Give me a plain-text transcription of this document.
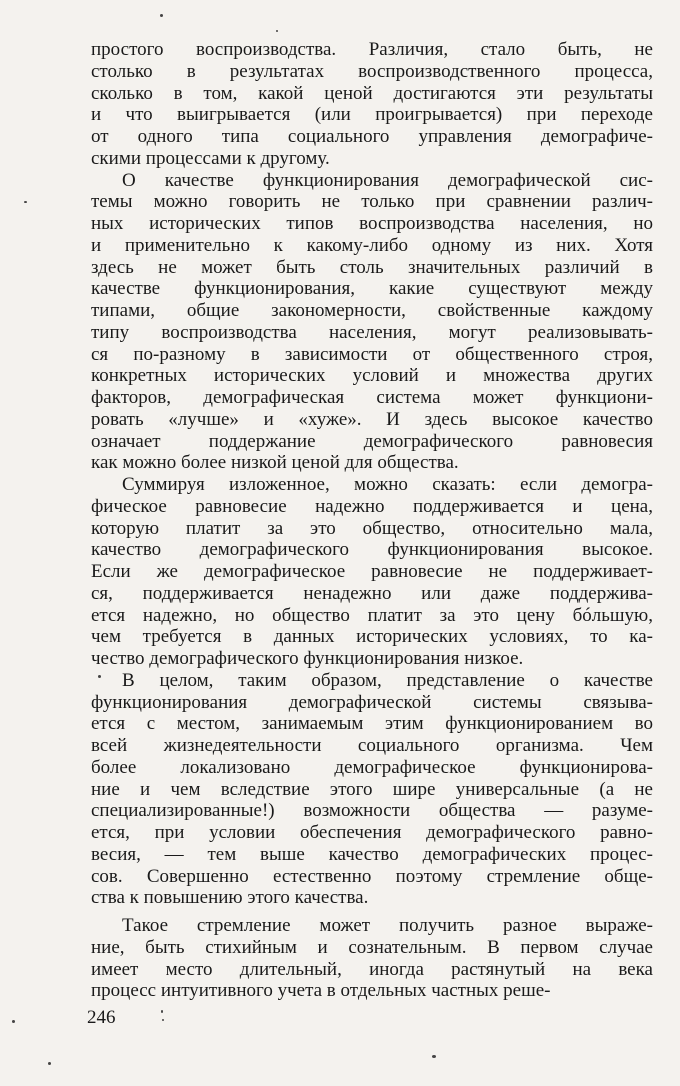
простого воспроизводства. Различия, стало быть, не
столько в результатах воспроизводственного процесса,
сколько в том, какой ценой достигаются эти результаты
и что выигрывается (или проигрывается) при переходе
от одного типа социального управления демографиче-
скими процессами к другому.
О качестве функционирования демографической сис-
темы можно говорить не только при сравнении различ-
ных исторических типов воспроизводства населения, но
и применительно к какому-либо одному из них. Хотя
здесь не может быть столь значительных различий в
качестве функционирования, какие существуют между
типами, общие закономерности, свойственные каждому
типу воспроизводства населения, могут реализовывать-
ся по-разному в зависимости от общественного строя,
конкретных исторических условий и множества других
факторов, демографическая система может функциони-
ровать «лучше» и «хуже». И здесь высокое качество
означает поддержание демографического равновесия
как можно более низкой ценой для общества.
Суммируя изложенное, можно сказать: если демогра-
фическое равновесие надежно поддерживается и цена,
которую платит за это общество, относительно мала,
качество демографического функционирования высокое.
Если же демографическое равновесие не поддерживает-
ся, поддерживается ненадежно или даже поддержива-
ется надежно, но общество платит за это цену бóльшую,
чем требуется в данных исторических условиях, то ка-
чество демографического функционирования низкое.
В целом, таким образом, представление о качестве
функционирования демографической системы связыва-
ется с местом, занимаемым этим функционированием во
всей жизнедеятельности социального организма. Чем
более локализовано демографическое функционирова-
ние и чем вследствие этого шире универсальные (а не
специализированные!) возможности общества — разуме-
ется, при условии обеспечения демографического равно-
весия, — тем выше качество демографических процес-
сов. Совершенно естественно поэтому стремление обще-
ства к повышению этого качества.
Такое стремление может получить разное выраже-
ние, быть стихийным и сознательным. В первом случае
имеет место длительный, иногда растянутый на века
процесс интуитивного учета в отдельных частных реше-
246
